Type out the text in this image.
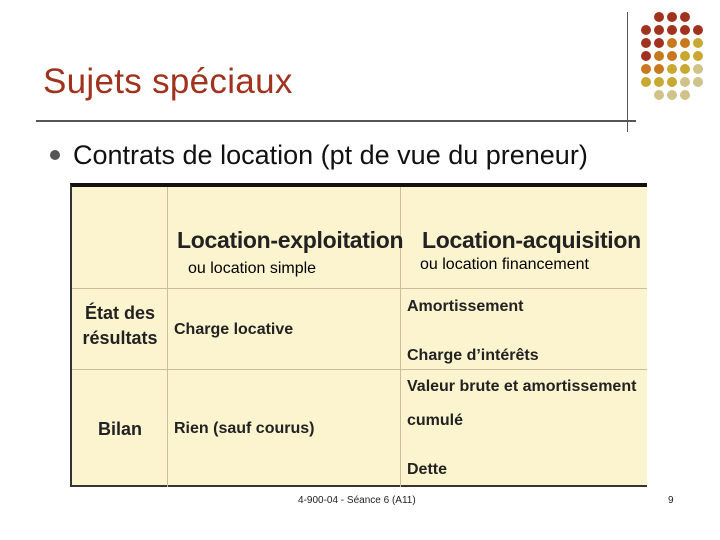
Sujets spéciaux
Contrats de location (pt de vue du preneur)
Location-exploitation
ou location simple
Location-acquisition
ou location financement
État des
résultats Charge locative
Amortissement
Charge d’intérêts
Bilan	Rien (sauf courus)
Valeur brute et amortissement
cumulé
Dette
4-900-04 - Séance 6 (A11)	9
